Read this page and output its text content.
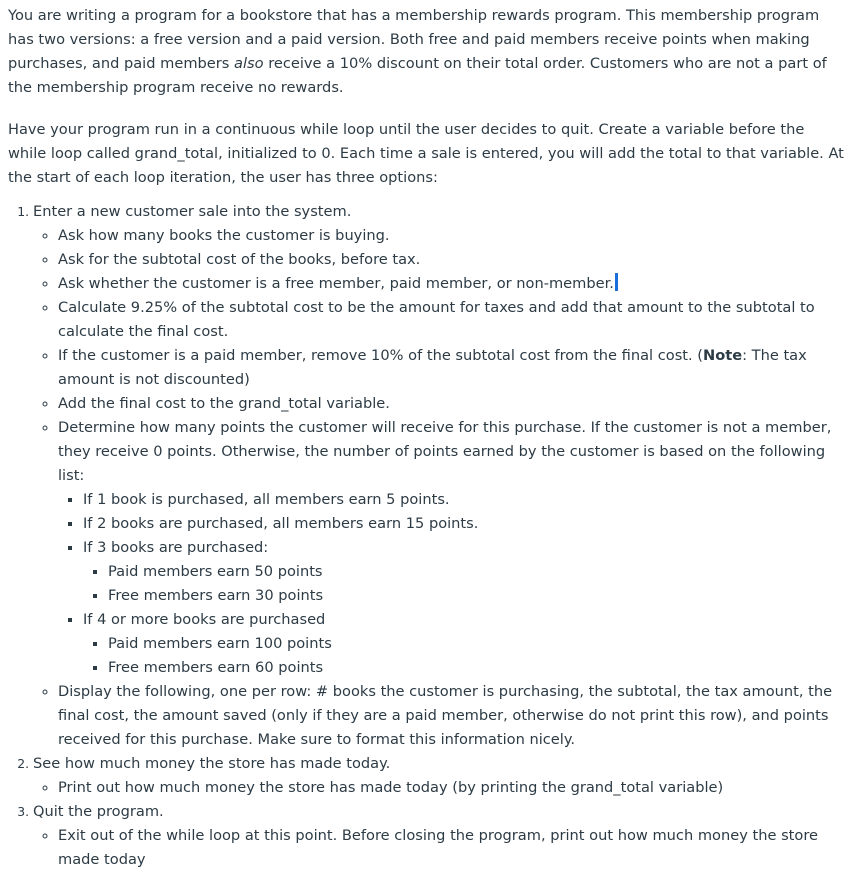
You are writing a program for a bookstore that has a membership rewards program. This membership program has two versions: a free version and a paid version. Both free and paid members receive points when making purchases, and paid members also receive a 10% discount on their total order. Customers who are not a part of the membership program receive no rewards.

Have your program run in a continuous while loop until the user decides to quit. Create a variable before the while loop called grand_total, initialized to 0. Each time a sale is entered, you will add the total to that variable. At the start of each loop iteration, the user has three options:

1. Enter a new customer sale into the system.
◦ Ask how many books the customer is buying.
◦ Ask for the subtotal cost of the books, before tax.
◦ Ask whether the customer is a free member, paid member, or non-member.
◦ Calculate 9.25% of the subtotal cost to be the amount for taxes and add that amount to the subtotal to calculate the final cost.
◦ If the customer is a paid member, remove 10% of the subtotal cost from the final cost. (Note: The tax amount is not discounted)
◦ Add the final cost to the grand_total variable.
◦ Determine how many points the customer will receive for this purchase. If the customer is not a member, they receive 0 points. Otherwise, the number of points earned by the customer is based on the following list:
▪ If 1 book is purchased, all members earn 5 points.
▪ If 2 books are purchased, all members earn 15 points.
▪ If 3 books are purchased:
▪ Paid members earn 50 points
▪ Free members earn 30 points
▪ If 4 or more books are purchased
▪ Paid members earn 100 points
▪ Free members earn 60 points
◦ Display the following, one per row: # books the customer is purchasing, the subtotal, the tax amount, the final cost, the amount saved (only if they are a paid member, otherwise do not print this row), and points received for this purchase. Make sure to format this information nicely.
2. See how much money the store has made today.
◦ Print out how much money the store has made today (by printing the grand_total variable)
3. Quit the program.
◦ Exit out of the while loop at this point. Before closing the program, print out how much money the store made today
